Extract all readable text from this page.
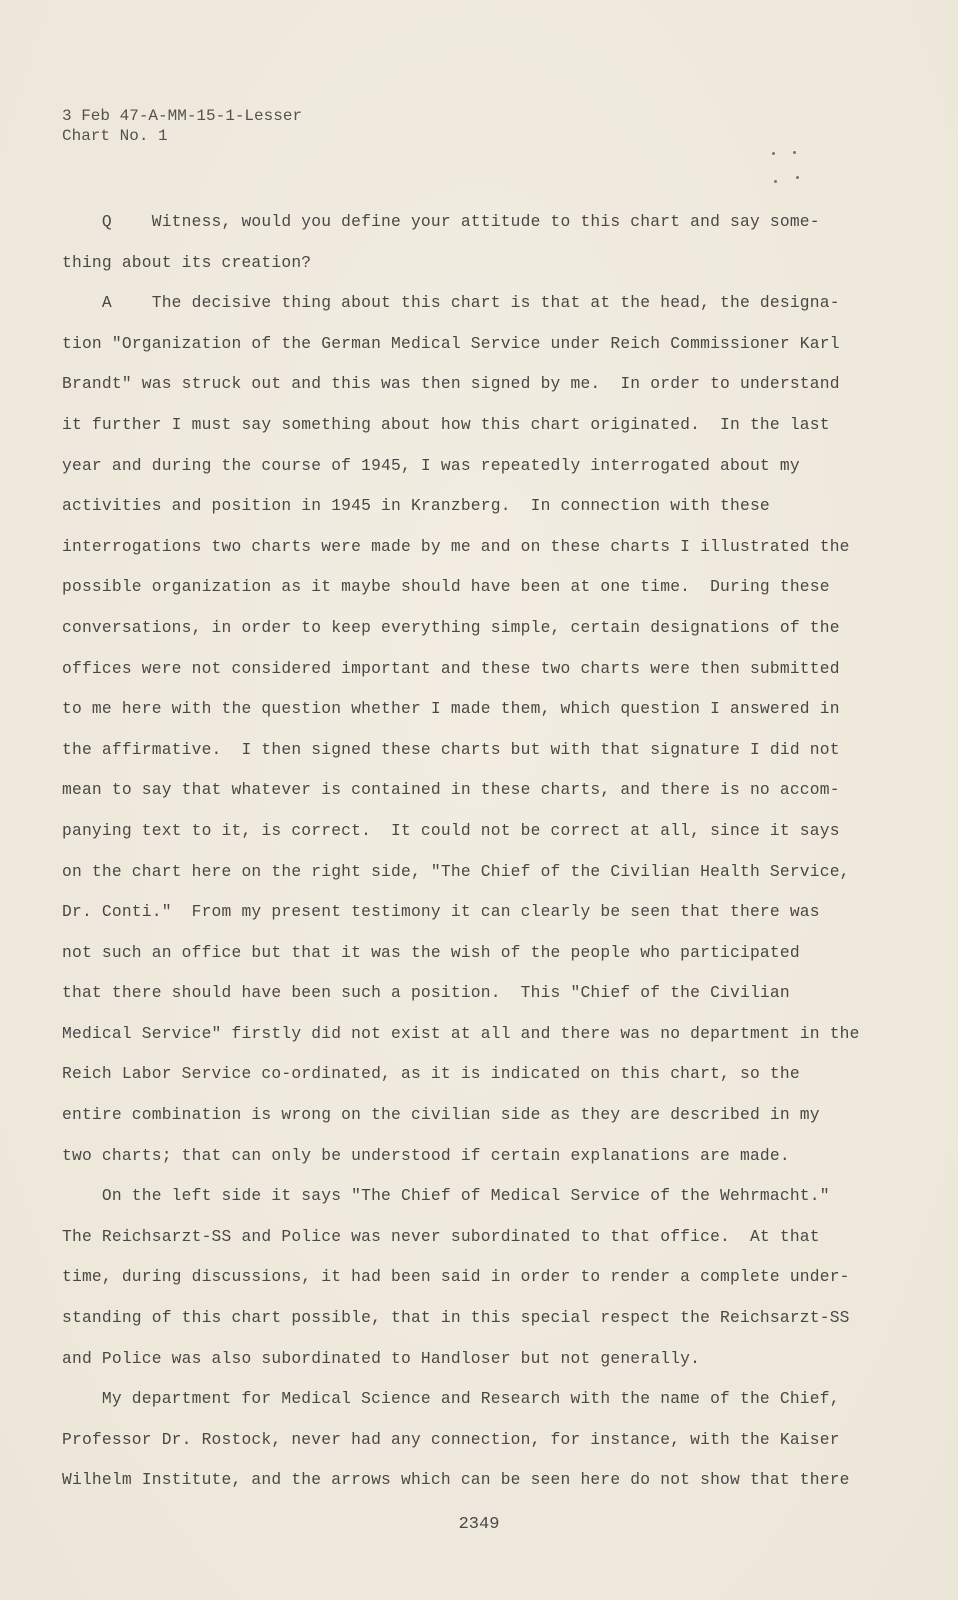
3 Feb 47-A-MM-15-1-Lesser
Chart No. 1
Q    Witness, would you define your attitude to this chart and say some-
thing about its creation?
A    The decisive thing about this chart is that at the head, the designa-
tion "Organization of the German Medical Service under Reich Commissioner Karl
Brandt" was struck out and this was then signed by me.  In order to understand
it further I must say something about how this chart originated.  In the last
year and during the course of 1945, I was repeatedly interrogated about my
activities and position in 1945 in Kranzberg.  In connection with these
interrogations two charts were made by me and on these charts I illustrated the
possible organization as it maybe should have been at one time.  During these
conversations, in order to keep everything simple, certain designations of the
offices were not considered important and these two charts were then submitted
to me here with the question whether I made them, which question I answered in
the affirmative.  I then signed these charts but with that signature I did not
mean to say that whatever is contained in these charts, and there is no accom-
panying text to it, is correct.  It could not be correct at all, since it says
on the chart here on the right side, "The Chief of the Civilian Health Service,
Dr. Conti."  From my present testimony it can clearly be seen that there was
not such an office but that it was the wish of the people who participated
that there should have been such a position.  This "Chief of the Civilian
Medical Service" firstly did not exist at all and there was no department in the
Reich Labor Service co-ordinated, as it is indicated on this chart, so the
entire combination is wrong on the civilian side as they are described in my
two charts; that can only be understood if certain explanations are made.
On the left side it says "The Chief of Medical Service of the Wehrmacht."
The Reichsarzt-SS and Police was never subordinated to that office.  At that
time, during discussions, it had been said in order to render a complete under-
standing of this chart possible, that in this special respect the Reichsarzt-SS
and Police was also subordinated to Handloser but not generally.
My department for Medical Science and Research with the name of the Chief,
Professor Dr. Rostock, never had any connection, for instance, with the Kaiser
Wilhelm Institute, and the arrows which can be seen here do not show that there
2349
